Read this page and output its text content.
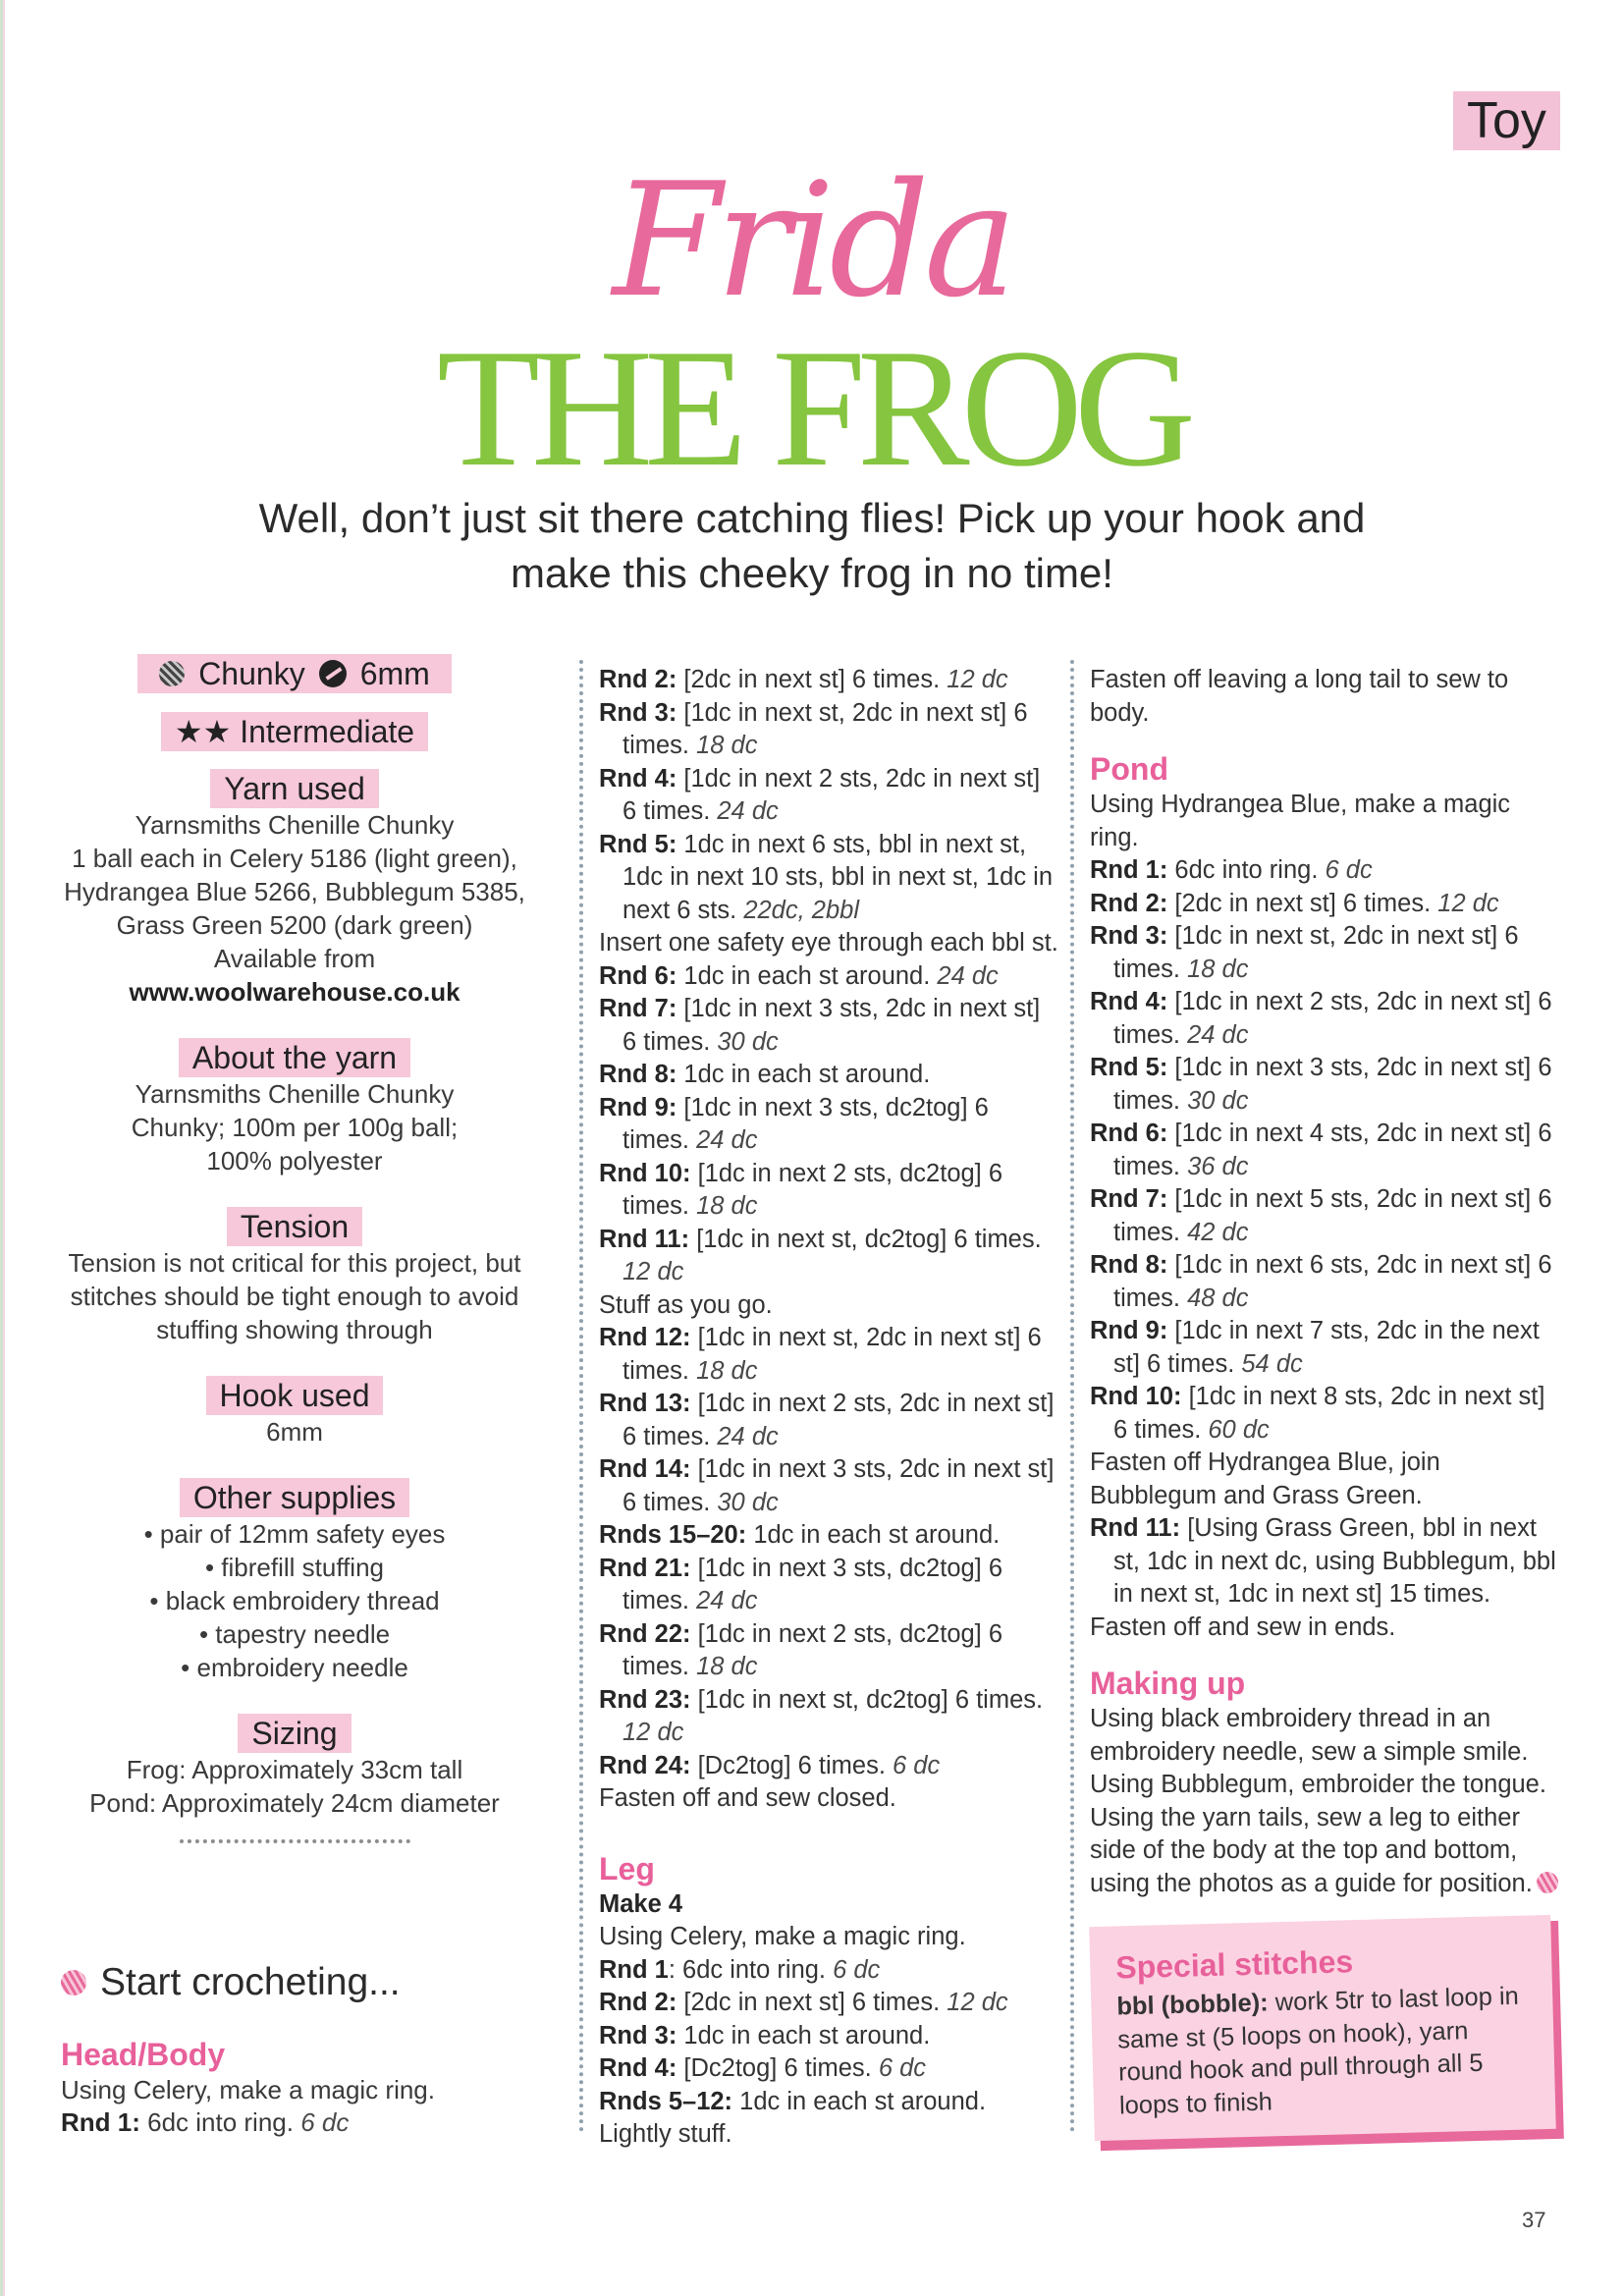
Toy
Frida
THE FROG
Well, don’t just sit there catching flies! Pick up your hook and
make this cheeky frog in no time!
Chunky 6mm
★★ Intermediate
Yarn used

Yarnsmiths Chenille Chunky

1 ball each in Celery 5186 (light green),

Hydrangea Blue 5266, Bubblegum 5385,

Grass Green 5200 (dark green)

Available from

www.woolwarehouse.co.uk

About the yarn

Yarnsmiths Chenille Chunky

Chunky; 100m per 100g ball;

100% polyester

Tension

Tension is not critical for this project, but

stitches should be tight enough to avoid

stuffing showing through

Hook used

6mm

Other supplies

• pair of 12mm safety eyes

• fibrefill stuffing

• black embroidery thread

• tapestry needle

• embroidery needle

Sizing

Frog: Approximately 33cm tall

Pond: Approximately 24cm diameter

Start crocheting...

Head/Body

Using Celery, make a magic ring.

Rnd 1: 6dc into ring. 6 dc

Rnd 2: [2dc in next st] 6 times. 12 dc

Rnd 3: [1dc in next st, 2dc in next st] 6 times. 18 dc

Rnd 4: [1dc in next 2 sts, 2dc in next st] 6 times. 24 dc

Rnd 5: 1dc in next 6 sts, bbl in next st, 1dc in next 10 sts, bbl in next st, 1dc in next 6 sts. 22dc, 2bbl

Insert one safety eye through each bbl st.

Rnd 6: 1dc in each st around. 24 dc

Rnd 7: [1dc in next 3 sts, 2dc in next st] 6 times. 30 dc

Rnd 8: 1dc in each st around.

Rnd 9: [1dc in next 3 sts, dc2tog] 6 times. 24 dc

Rnd 10: [1dc in next 2 sts, dc2tog] 6 times. 18 dc

Rnd 11: [1dc in next st, dc2tog] 6 times. 12 dc

Stuff as you go.

Rnd 12: [1dc in next st, 2dc in next st] 6 times. 18 dc

Rnd 13: [1dc in next 2 sts, 2dc in next st] 6 times. 24 dc

Rnd 14: [1dc in next 3 sts, 2dc in next st] 6 times. 30 dc

Rnds 15–20: 1dc in each st around.

Rnd 21: [1dc in next 3 sts, dc2tog] 6 times. 24 dc

Rnd 22: [1dc in next 2 sts, dc2tog] 6 times. 18 dc

Rnd 23: [1dc in next st, dc2tog] 6 times. 12 dc

Rnd 24: [Dc2tog] 6 times. 6 dc

Fasten off and sew closed.

Leg

Make 4

Using Celery, make a magic ring.

Rnd 1: 6dc into ring. 6 dc

Rnd 2: [2dc in next st] 6 times. 12 dc

Rnd 3: 1dc in each st around.

Rnd 4: [Dc2tog] 6 times. 6 dc

Rnds 5–12: 1dc in each st around.

Lightly stuff.

Fasten off leaving a long tail to sew to body.

Pond

Using Hydrangea Blue, make a magic ring.

Rnd 1: 6dc into ring. 6 dc

Rnd 2: [2dc in next st] 6 times. 12 dc

Rnd 3: [1dc in next st, 2dc in next st] 6 times. 18 dc

Rnd 4: [1dc in next 2 sts, 2dc in next st] 6 times. 24 dc

Rnd 5: [1dc in next 3 sts, 2dc in next st] 6 times. 30 dc

Rnd 6: [1dc in next 4 sts, 2dc in next st] 6 times. 36 dc

Rnd 7: [1dc in next 5 sts, 2dc in next st] 6 times. 42 dc

Rnd 8: [1dc in next 6 sts, 2dc in next st] 6 times. 48 dc

Rnd 9: [1dc in next 7 sts, 2dc in the next st] 6 times. 54 dc

Rnd 10: [1dc in next 8 sts, 2dc in next st] 6 times. 60 dc

Fasten off Hydrangea Blue, join Bubblegum and Grass Green.

Rnd 11: [Using Grass Green, bbl in next st, 1dc in next dc, using Bubblegum, bbl in next st, 1dc in next st] 15 times.

Fasten off and sew in ends.

Making up

Using black embroidery thread in an embroidery needle, sew a simple smile. Using Bubblegum, embroider the tongue. Using the yarn tails, sew a leg to either side of the body at the top and bottom, using the photos as a guide for position.

Special stitches

bbl (bobble): work 5tr to last loop in same st (5 loops on hook), yarn round hook and pull through all 5 loops to finish

37
